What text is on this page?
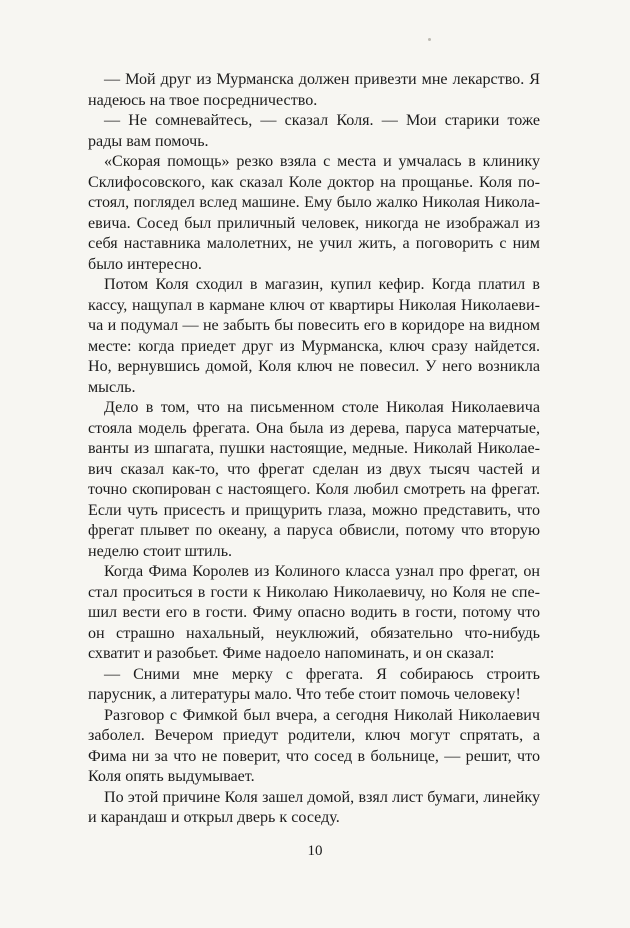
— Мой друг из Мурманска должен привезти мне лекарство. Я надеюсь на твое посредничество.

— Не сомневайтесь, — сказал Коля. — Мои старики тоже рады вам помочь.

«Скорая помощь» резко взяла с места и умчалась в клинику Склифосовского, как сказал Коле доктор на прощанье. Коля постоял, поглядел вслед машине. Ему было жалко Николая Николаевича. Сосед был приличный человек, никогда не изображал из себя наставника малолетних, не учил жить, а поговорить с ним было интересно.

Потом Коля сходил в магазин, купил кефир. Когда платил в кассу, нащупал в кармане ключ от квартиры Николая Николаевича и подумал — не забыть бы повесить его в коридоре на видном месте: когда приедет друг из Мурманска, ключ сразу найдется. Но, вернувшись домой, Коля ключ не повесил. У него возникла мысль.

Дело в том, что на письменном столе Николая Николаевича стояла модель фрегата. Она была из дерева, паруса матерчатые, ванты из шпагата, пушки настоящие, медные. Николай Николаевич сказал как-то, что фрегат сделан из двух тысяч частей и точно скопирован с настоящего. Коля любил смотреть на фрегат. Если чуть присесть и прищурить глаза, можно представить, что фрегат плывет по океану, а паруса обвисли, потому что вторую неделю стоит штиль.

Когда Фима Королев из Колиного класса узнал про фрегат, он стал проситься в гости к Николаю Николаевичу, но Коля не спешил вести его в гости. Фиму опасно водить в гости, потому что он страшно нахальный, неуклюжий, обязательно что-нибудь схватит и разобьет. Фиме надоело напоминать, и он сказал:

— Сними мне мерку с фрегата. Я собираюсь строить парусник, а литературы мало. Что тебе стоит помочь человеку!

Разговор с Фимкой был вчера, а сегодня Николай Николаевич заболел. Вечером приедут родители, ключ могут спрятать, а Фима ни за что не поверит, что сосед в больнице, — решит, что Коля опять выдумывает.

По этой причине Коля зашел домой, взял лист бумаги, линейку и карандаш и открыл дверь к соседу.

10
